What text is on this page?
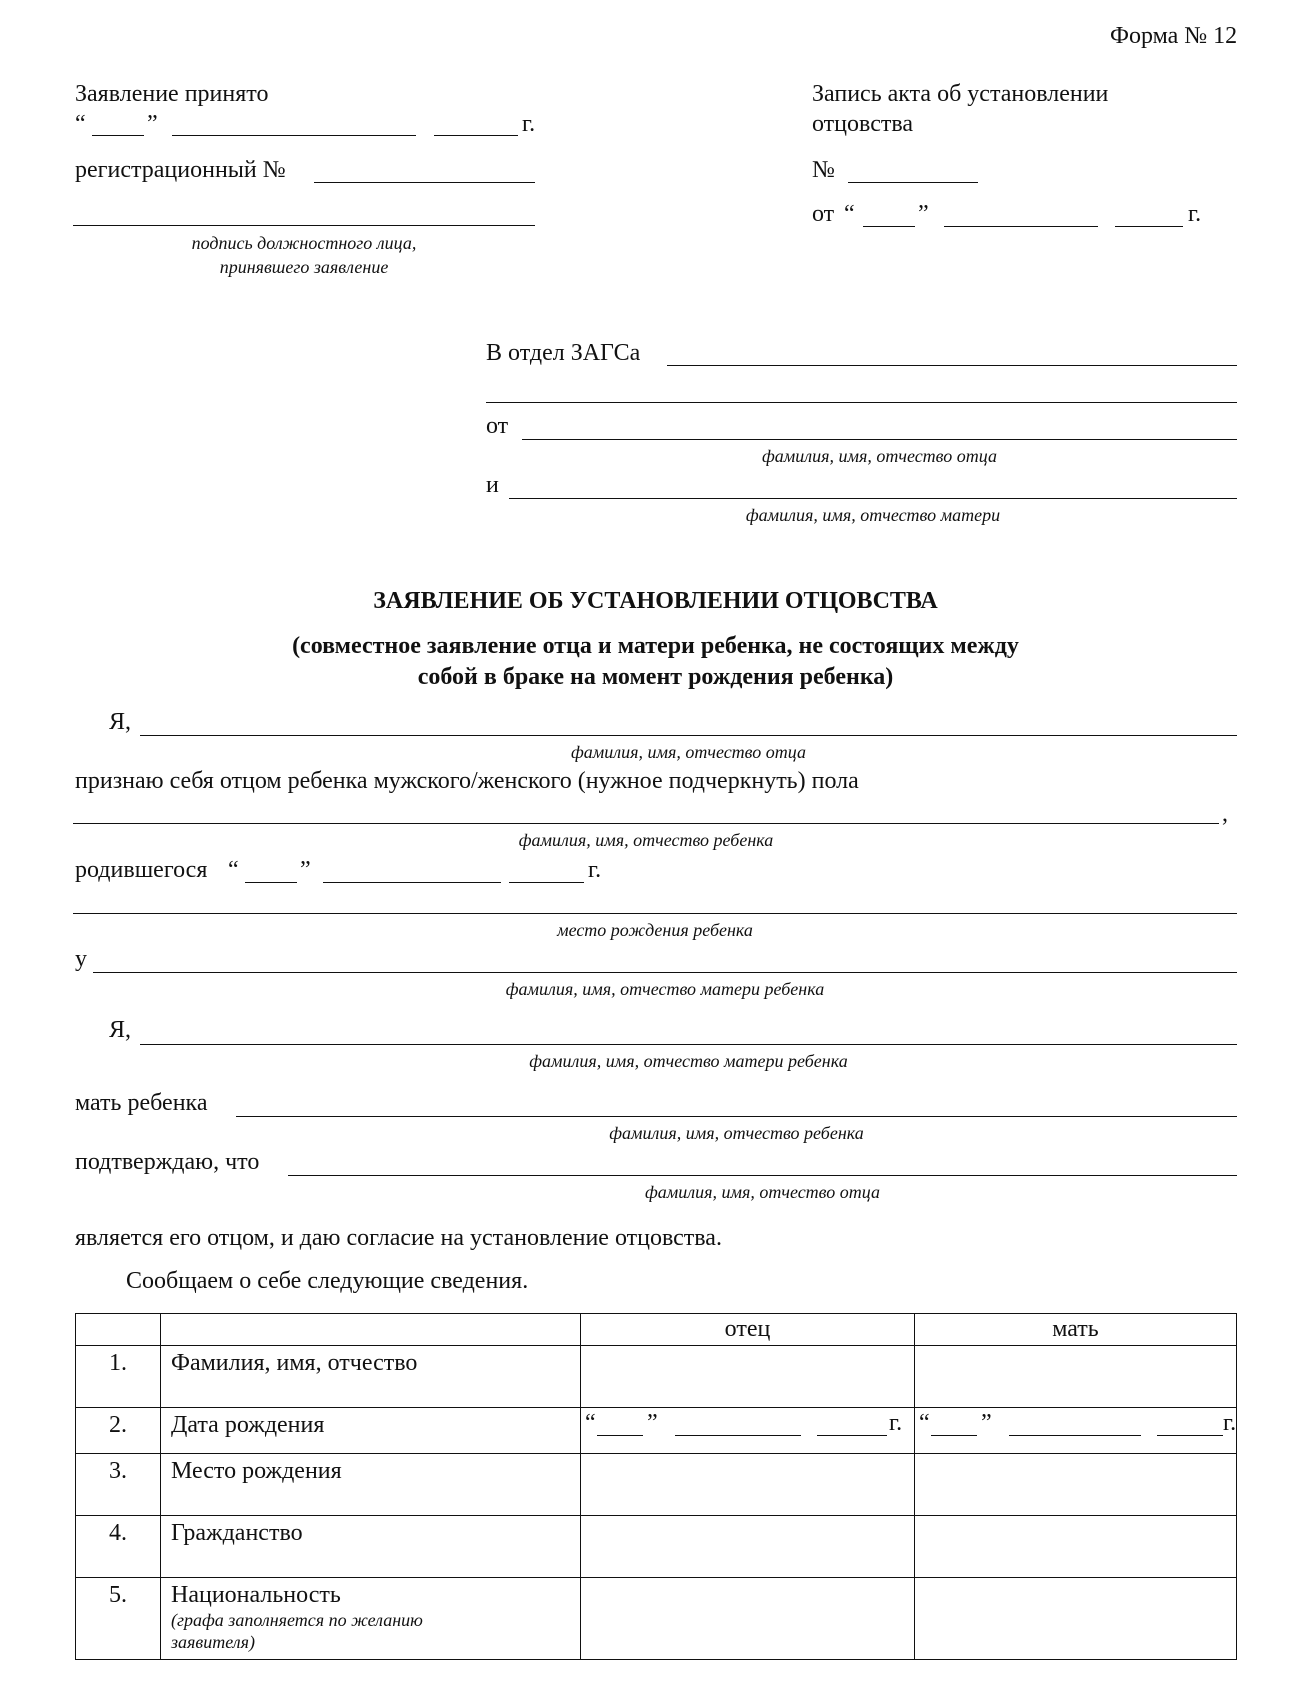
Форма № 12
Заявление принято
“	”	г.
регистрационный №
подпись должностного лица,
принявшего заявление
Запись акта об установлении
отцовства
№
от “	”	г.
В отдел ЗАГСа
от
фамилия, имя, отчество отца
и
фамилия, имя, отчество матери
ЗАЯВЛЕНИЕ ОБ УСТАНОВЛЕНИИ ОТЦОВСТВА
(совместное заявление отца и матери ребенка, не состоящих между
собой в браке на момент рождения ребенка)
Я,
фамилия, имя, отчество отца
признаю себя отцом ребенка мужского/женского (нужное подчеркнуть) пола
,
фамилия, имя, отчество ребенка
родившегося “	”	г.
место рождения ребенка
у
фамилия, имя, отчество матери ребенка
Я,
фамилия, имя, отчество матери ребенка
мать ребенка
фамилия, имя, отчество ребенка
подтверждаю, что
фамилия, имя, отчество отца
является его отцом, и даю согласие на установление отцовства.
Сообщаем о себе следующие сведения.
		отец	мать
1.	Фамилия, имя, отчество		
2.	Дата рождения	“ ” г.	“ ” г.

3.	Место рождения		
4.	Гражданство		
5.	Национальность
(графа заполняется по желанию заявителя)		
